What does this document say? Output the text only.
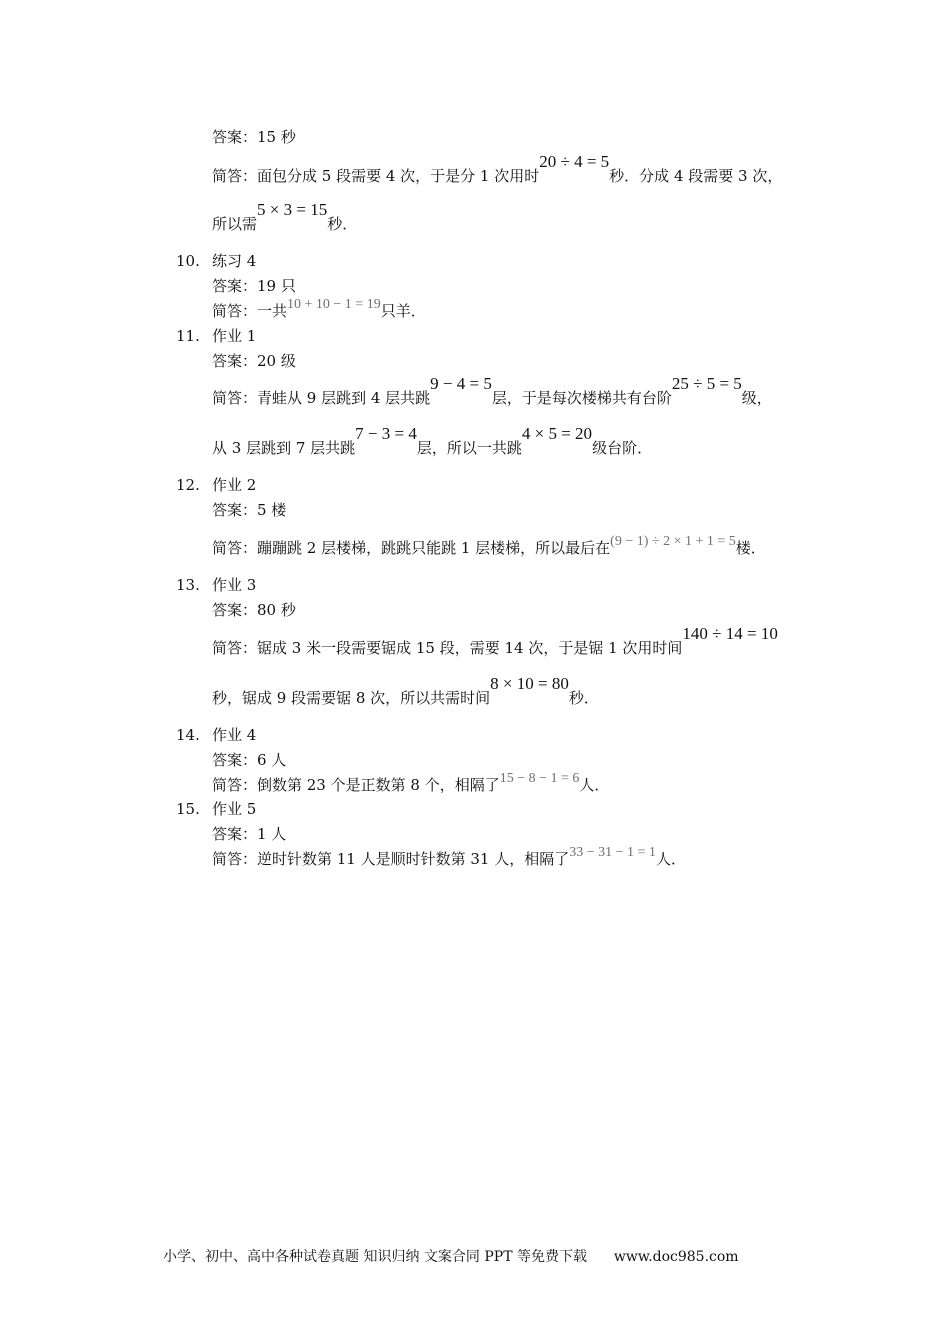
答案：15 秒
简答：面包分成 5 段需要 4 次，于是分 1 次用时20 ÷ 4 = 5秒．分成 4 段需要 3 次，
所以需5 × 3 = 15秒．
10. 练习 4
答案：19 只
简答：一共10 + 10 − 1 = 19只羊．
11. 作业 1
答案：20 级
简答：青蛙从 9 层跳到 4 层共跳9 − 4 = 5层，于是每次楼梯共有台阶25 ÷ 5 = 5级，
从 3 层跳到 7 层共跳7 − 3 = 4层，所以一共跳4 × 5 = 20级台阶．
12. 作业 2
答案：5 楼
简答：蹦蹦跳 2 层楼梯，跳跳只能跳 1 层楼梯，所以最后在(9 − 1) ÷ 2 × 1 + 1 = 5楼．
13. 作业 3
答案：80 秒
简答：锯成 3 米一段需要锯成 15 段，需要 14 次，于是锯 1 次用时间140 ÷ 14 = 10
秒，锯成 9 段需要锯 8 次，所以共需时间8 × 10 = 80秒．
14. 作业 4
答案：6 人
简答：倒数第 23 个是正数第 8 个，相隔了15 − 8 − 1 = 6人．
15. 作业 5
答案：1 人
简答：逆时针数第 11 人是顺时针数第 31 人，相隔了33 − 31 − 1 = 1人．
小学、初中、高中各种试卷真题 知识归纳 文案合同 PPT 等免费下载 www.doc985.com
